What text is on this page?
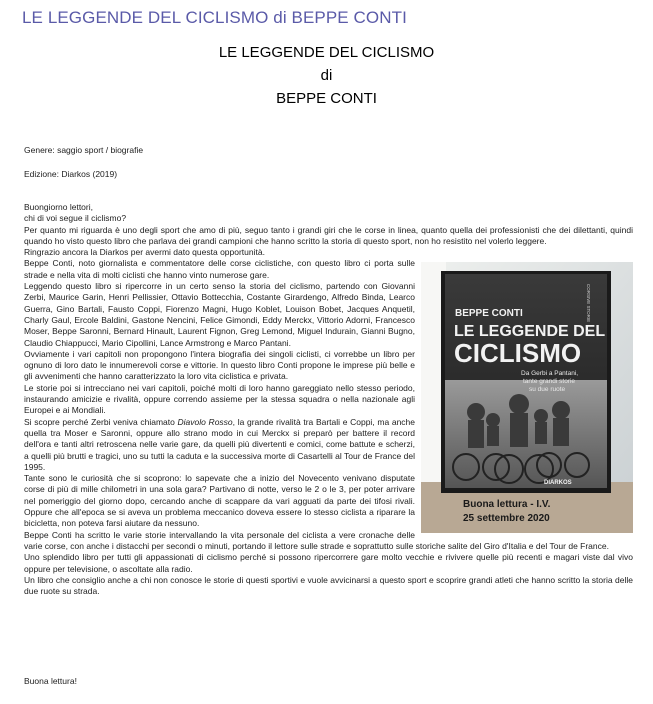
LE LEGGENDE DEL CICLISMO di BEPPE CONTI
LE LEGGENDE DEL CICLISMO
di
BEPPE CONTI
Genere: saggio sport / biografie
Edizione: Diarkos (2019)

Buongiorno lettori,

chi di voi segue il ciclismo?

Per quanto mi riguarda è uno degli sport che amo di più, seguo tanto i grandi giri che le corse in linea, quanto quella dei professionisti che dei dilettanti, quindi quando ho visto questo libro che parlava dei grandi campioni che hanno scritto la storia di questo sport, non ho resistito nel volerlo leggere.

Ringrazio ancora la Diarkos per avermi dato questa opportunità.

CORSIVE STORIE
BEPPE CONTI
LE LEGGENDE DEL
CICLISMO
Da Gerbi a Pantani,
tante grandi storie
su due ruote
DIARKOS
Buona lettura - I.V.
25 settembre 2020

Beppe Conti, noto giornalista e commentatore delle corse ciclistiche, con questo libro ci porta sulle strade e nella vita di molti ciclisti che hanno vinto numerose gare.

Leggendo questo libro si ripercorre in un certo senso la storia del ciclismo, partendo con Giovanni Zerbi, Maurice Garin, Henri Pellissier, Ottavio Bottecchia, Costante Girardengo, Alfredo Binda, Learco Guerra, Gino Bartali, Fausto Coppi, Fiorenzo Magni, Hugo Koblet, Louison Bobet, Jacques Anquetil, Charly Gaul, Ercole Baldini, Gastone Nencini, Felice Gimondi, Eddy Merckx, Vittorio Adorni, Francesco Moser, Beppe Saronni, Bernard Hinault, Laurent Fignon, Greg Lemond, Miguel Indurain, Gianni Bugno, Claudio Chiappucci, Mario Cipollini, Lance Armstrong e Marco Pantani.

Ovviamente i vari capitoli non propongono l'intera biografia dei singoli ciclisti, ci vorrebbe un libro per ognuno di loro dato le innumerevoli corse e vittorie. In questo libro Conti propone le imprese più belle e gli avvenimenti che hanno caratterizzato la loro vita ciclistica e privata.

Le storie poi si intrecciano nei vari capitoli, poiché molti di loro hanno gareggiato nello stesso periodo, instaurando amicizie e rivalità, oppure correndo assieme per la stessa squadra o nella nazionale agli Europei e ai Mondiali.

Si scopre perché Zerbi veniva chiamato Diavolo Rosso, la grande rivalità tra Bartali e Coppi, ma anche quella tra Moser e Saronni, oppure allo strano modo in cui Merckx si preparò per battere il record dell'ora e tanti altri retroscena nelle varie gare, da quelli più divertenti e comici, come battute e scherzi, a quelli più brutti e tragici, uno su tutti la caduta e la successiva morte di Casartelli al Tour de France del 1995.

Tante sono le curiosità che si scoprono: lo sapevate che a inizio del Novecento venivano disputate corse di più di mille chilometri in una sola gara? Partivano di notte, verso le 2 o le 3, per poter arrivare nel pomeriggio del giorno dopo, cercando anche di scappare da vari agguati da parte dei tifosi rivali. Oppure che all'epoca se si aveva un problema meccanico doveva essere lo stesso ciclista a riparare la bicicletta, non poteva farsi aiutare da nessuno.

Beppe Conti ha scritto le varie storie intervallando la vita personale del ciclista a vere cronache delle varie corse, con anche i distacchi per secondi o minuti, portando il lettore sulle strade e soprattutto sulle storiche salite del Giro d'Italia e del Tour de France.

Uno splendido libro per tutti gli appassionati di ciclismo perché si possono ripercorrere gare molto vecchie e rivivere quelle più recenti e magari viste dal vivo oppure per televisione, o ascoltate alla radio.

Un libro che consiglio anche a chi non conosce le storie di questi sportivi e vuole avvicinarsi a questo sport e scoprire grandi atleti che hanno scritto la storia delle due ruote su strada.

Buona lettura!
